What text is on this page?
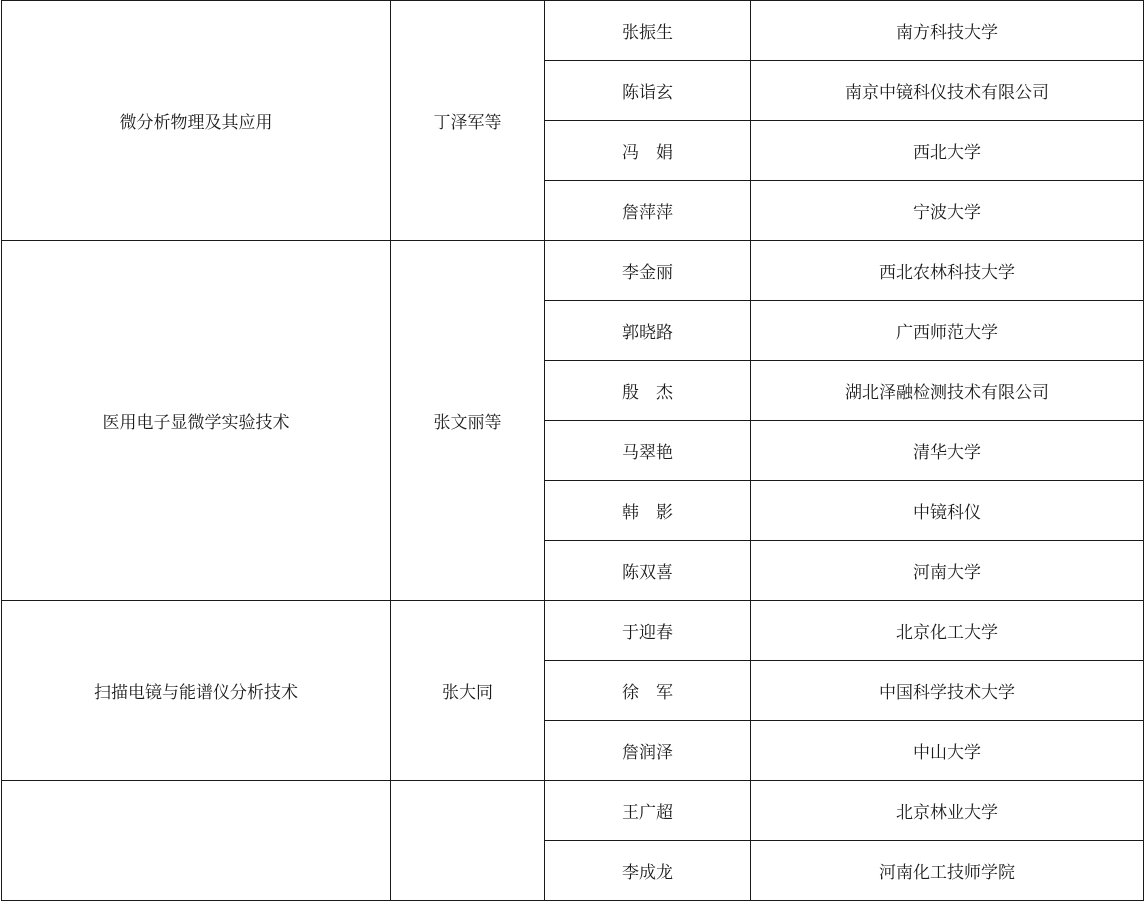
微分析物理及其应用	丁泽军等	张振生	南方科技大学
		陈诣玄	南京中镜科仪技术有限公司
		冯　娟	西北大学
		詹萍萍	宁波大学
医用电子显微学实验技术	张文丽等	李金丽	西北农林科技大学
		郭晓路	广西师范大学
		殷　杰	湖北泽融检测技术有限公司
		马翠艳	清华大学
		韩　影	中镜科仪
		陈双喜	河南大学
扫描电镜与能谱仪分析技术	张大同	于迎春	北京化工大学
		徐　军	中国科学技术大学
		詹润泽	中山大学
		王广超	北京林业大学
		李成龙	河南化工技师学院
